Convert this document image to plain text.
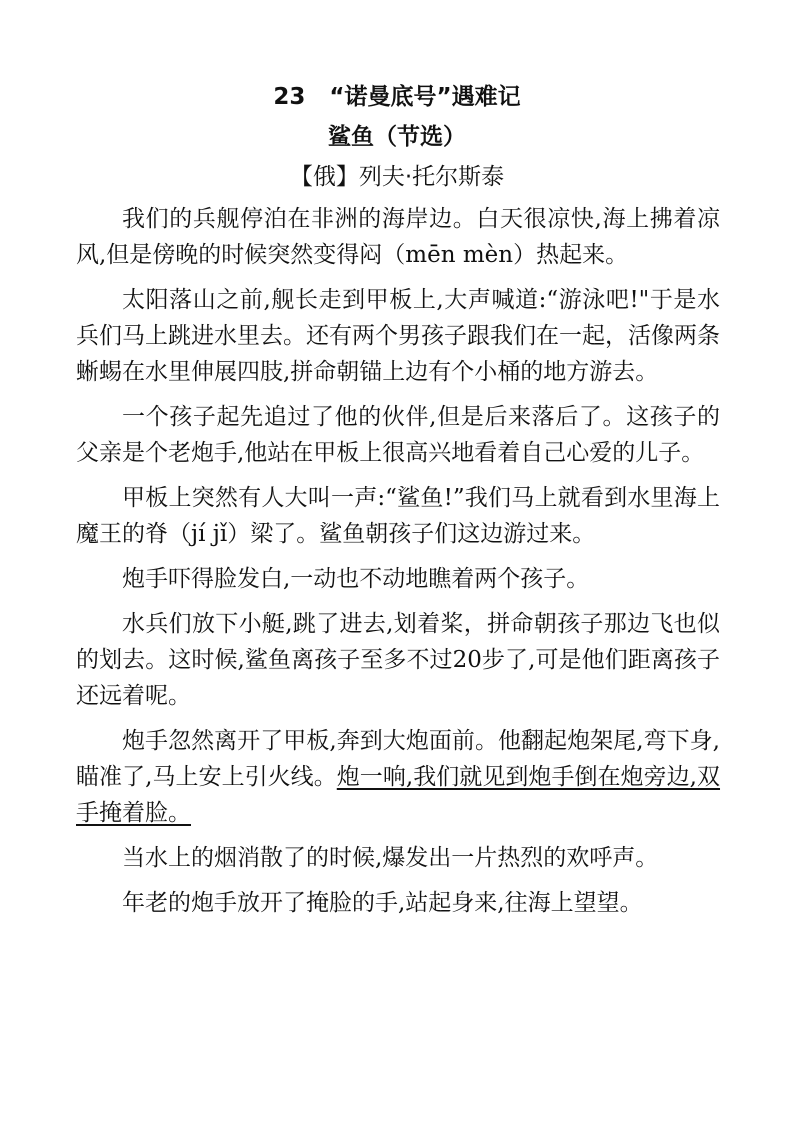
23   “诺曼底号”遇难记
鲨鱼（节选）
【俄】列夫·托尔斯泰

我们的兵舰停泊在非洲的海岸边。白天很凉快,海上拂着凉风,但是傍晚的时候突然变得闷（mēn mèn）热起来。

太阳落山之前,舰长走到甲板上,大声喊道:“游泳吧!"于是水兵们马上跳进水里去。还有两个男孩子跟我们在一起，活像两条蜥蜴在水里伸展四肢,拼命朝锚上边有个小桶的地方游去。

一个孩子起先追过了他的伙伴,但是后来落后了。这孩子的父亲是个老炮手,他站在甲板上很高兴地看着自己心爱的儿子。

甲板上突然有人大叫一声:“鲨鱼!”我们马上就看到水里海上魔王的脊（jí jǐ）梁了。鲨鱼朝孩子们这边游过来。

炮手吓得脸发白,一动也不动地瞧着两个孩子。

水兵们放下小艇,跳了进去,划着桨，拼命朝孩子那边飞也似的划去。这时候,鲨鱼离孩子至多不过20步了,可是他们距离孩子还远着呢。

炮手忽然离开了甲板,奔到大炮面前。他翻起炮架尾,弯下身,瞄准了,马上安上引火线。炮一响,我们就见到炮手倒在炮旁边,双手掩着脸。

当水上的烟消散了的时候,爆发出一片热烈的欢呼声。

年老的炮手放开了掩脸的手,站起身来,往海上望望。
